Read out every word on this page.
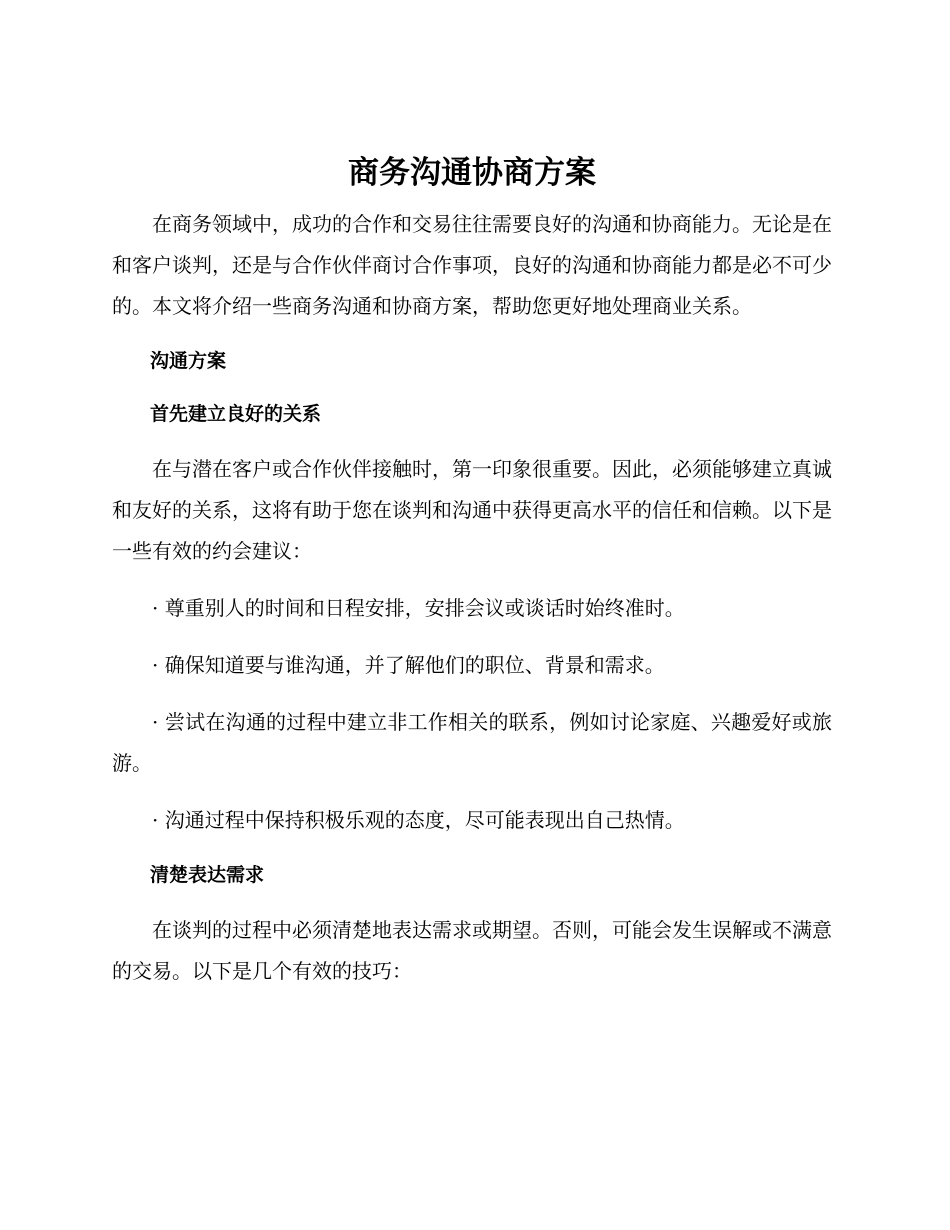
商务沟通协商方案

在商务领域中，成功的合作和交易往往需要良好的沟通和协商能力。无论是在和客户谈判，还是与合作伙伴商讨合作事项，良好的沟通和协商能力都是必不可少的。本文将介绍一些商务沟通和协商方案，帮助您更好地处理商业关系。

沟通方案

首先建立良好的关系

在与潜在客户或合作伙伴接触时，第一印象很重要。因此，必须能够建立真诚和友好的关系，这将有助于您在谈判和沟通中获得更高水平的信任和信赖。以下是一些有效的约会建议：

· 尊重别人的时间和日程安排，安排会议或谈话时始终准时。

· 确保知道要与谁沟通，并了解他们的职位、背景和需求。

· 尝试在沟通的过程中建立非工作相关的联系，例如讨论家庭、兴趣爱好或旅游。

· 沟通过程中保持积极乐观的态度，尽可能表现出自己热情。

清楚表达需求

在谈判的过程中必须清楚地表达需求或期望。否则，可能会发生误解或不满意的交易。以下是几个有效的技巧：
